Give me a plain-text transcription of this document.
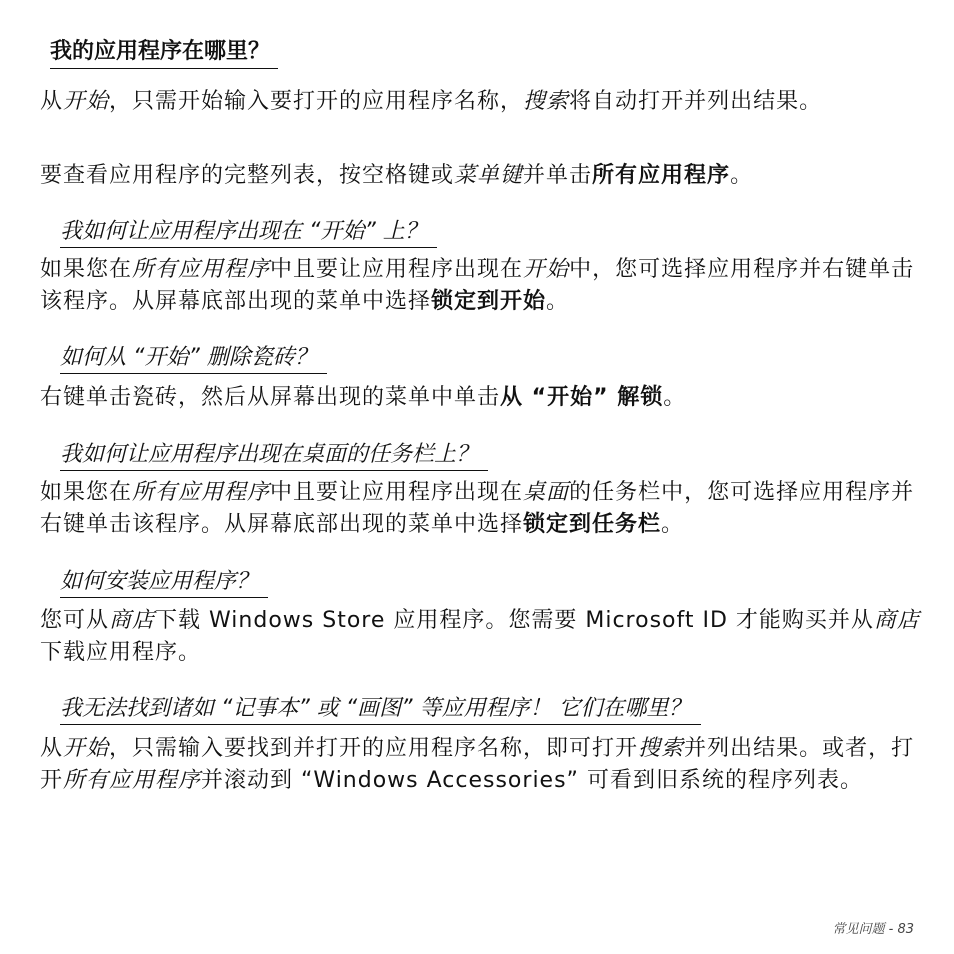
我的应用程序在哪里？
从开始，只需开始输入要打开的应用程序名称，搜索将自动打开并列出结果。
要查看应用程序的完整列表，按空格键或菜单键并单击所有应用程序。
我如何让应用程序出现在 “开始” 上？
如果您在所有应用程序中且要让应用程序出现在开始中，您可选择应用程序并右键单击该程序。从屏幕底部出现的菜单中选择锁定到开始。
如何从 “开始” 删除瓷砖？
右键单击瓷砖，然后从屏幕出现的菜单中单击从 “开始” 解锁。
我如何让应用程序出现在桌面的任务栏上？
如果您在所有应用程序中且要让应用程序出现在桌面的任务栏中，您可选择应用程序并右键单击该程序。从屏幕底部出现的菜单中选择锁定到任务栏。
如何安装应用程序？
您可从商店下载 Windows Store 应用程序。您需要 Microsoft ID 才能购买并从商店下载应用程序。
我无法找到诸如 “记事本” 或 “画图” 等应用程序！ 它们在哪里？
从开始，只需输入要找到并打开的应用程序名称，即可打开搜索并列出结果。或者，打开所有应用程序并滚动到 “Windows Accessories” 可看到旧系统的程序列表。
常见问题 - 83
